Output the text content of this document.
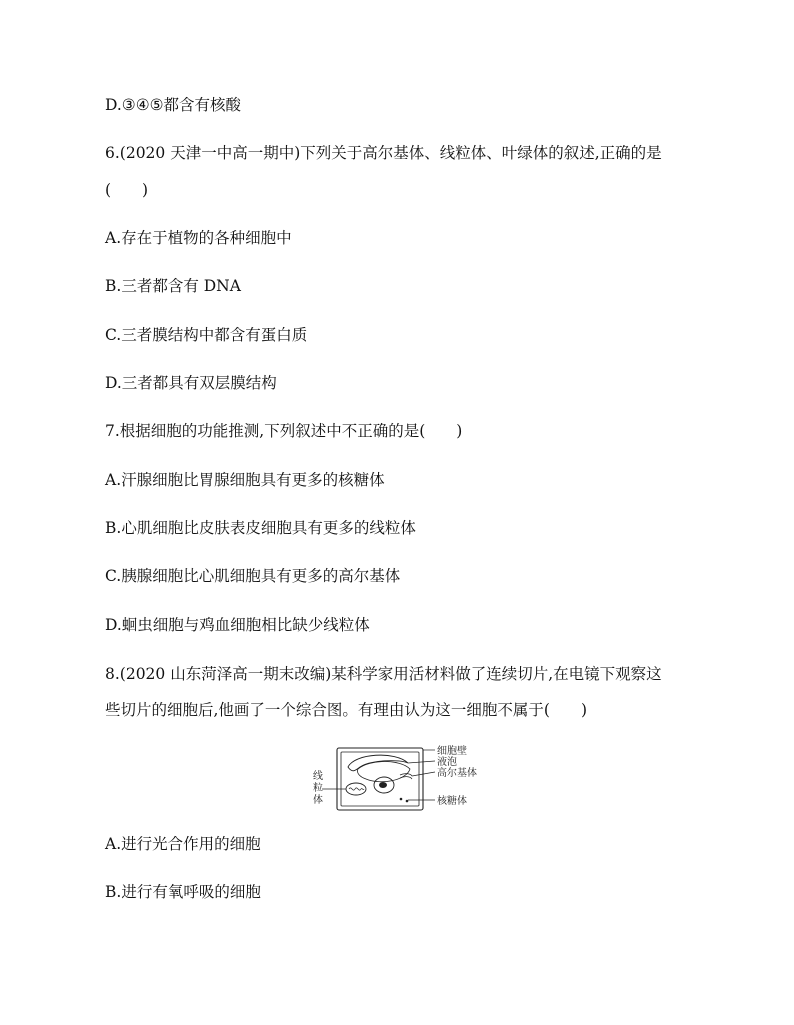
D.③④⑤都含有核酸
6.(2020 天津一中高一期中)下列关于高尔基体、线粒体、叶绿体的叙述,正确的是
(　　)
A.存在于植物的各种细胞中
B.三者都含有 DNA
C.三者膜结构中都含有蛋白质
D.三者都具有双层膜结构
7.根据细胞的功能推测,下列叙述中不正确的是(　　)
A.汗腺细胞比胃腺细胞具有更多的核糖体
B.心肌细胞比皮肤表皮细胞具有更多的线粒体
C.胰腺细胞比心肌细胞具有更多的高尔基体
D.蛔虫细胞与鸡血细胞相比缺少线粒体
8.(2020 山东菏泽高一期末改编)某科学家用活材料做了连续切片,在电镜下观察这
些切片的细胞后,他画了一个综合图。有理由认为这一细胞不属于(　　)
线
粒
体
细胞壁
液泡
高尔基体
核糖体
A.进行光合作用的细胞
B.进行有氧呼吸的细胞
